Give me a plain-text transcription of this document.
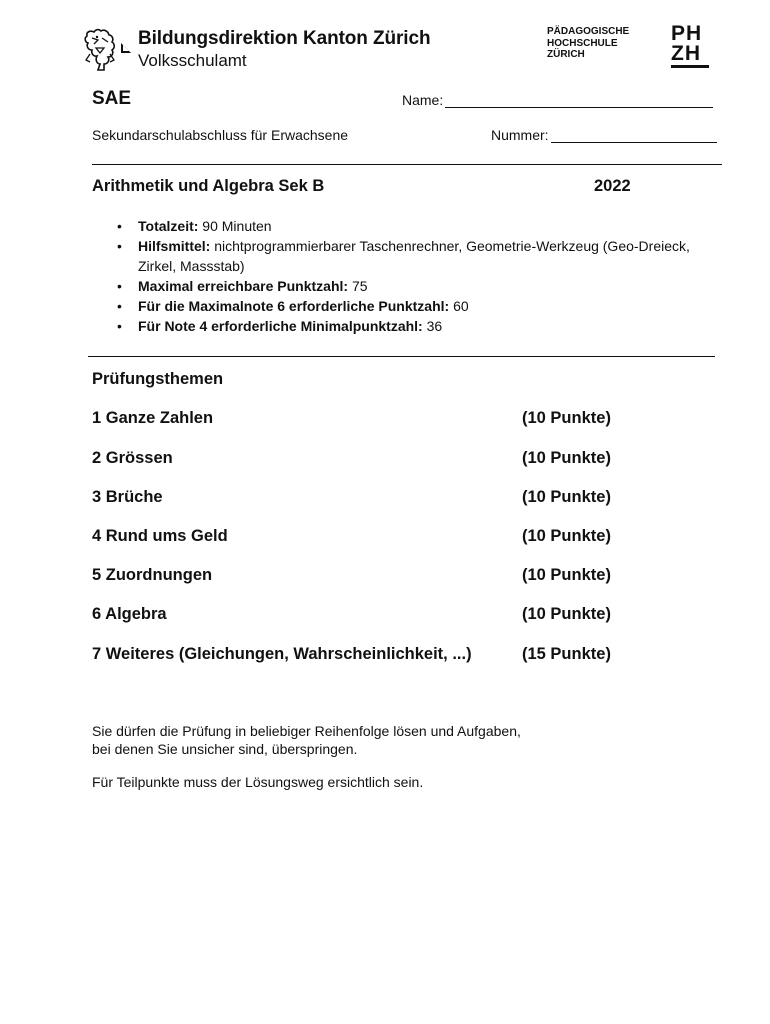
Bildungsdirektion Kanton Zürich
Volksschulamt
PÄDAGOGISCHE
HOCHSCHULE
ZÜRICH
PH
ZH
SAE	Name:
Sekundarschulabschluss für Erwachsene	Nummer:
Arithmetik und Algebra Sek B	2022
• Totalzeit: 90 Minuten
• Hilfsmittel: nichtprogrammierbarer Taschenrechner, Geometrie-Werkzeug (Geo-Dreieck, Zirkel, Massstab)
• Maximal erreichbare Punktzahl: 75
• Für die Maximalnote 6 erforderliche Punktzahl: 60
• Für Note 4 erforderliche Minimalpunktzahl: 36
Prüfungsthemen
1 Ganze Zahlen	(10 Punkte)
2 Grössen	(10 Punkte)
3 Brüche	(10 Punkte)
4 Rund ums Geld	(10 Punkte)
5 Zuordnungen	(10 Punkte)
6 Algebra	(10 Punkte)
7 Weiteres (Gleichungen, Wahrscheinlichkeit, ...)	(15 Punkte)
Sie dürfen die Prüfung in beliebiger Reihenfolge lösen und Aufgaben,
bei denen Sie unsicher sind, überspringen.
Für Teilpunkte muss der Lösungsweg ersichtlich sein.
